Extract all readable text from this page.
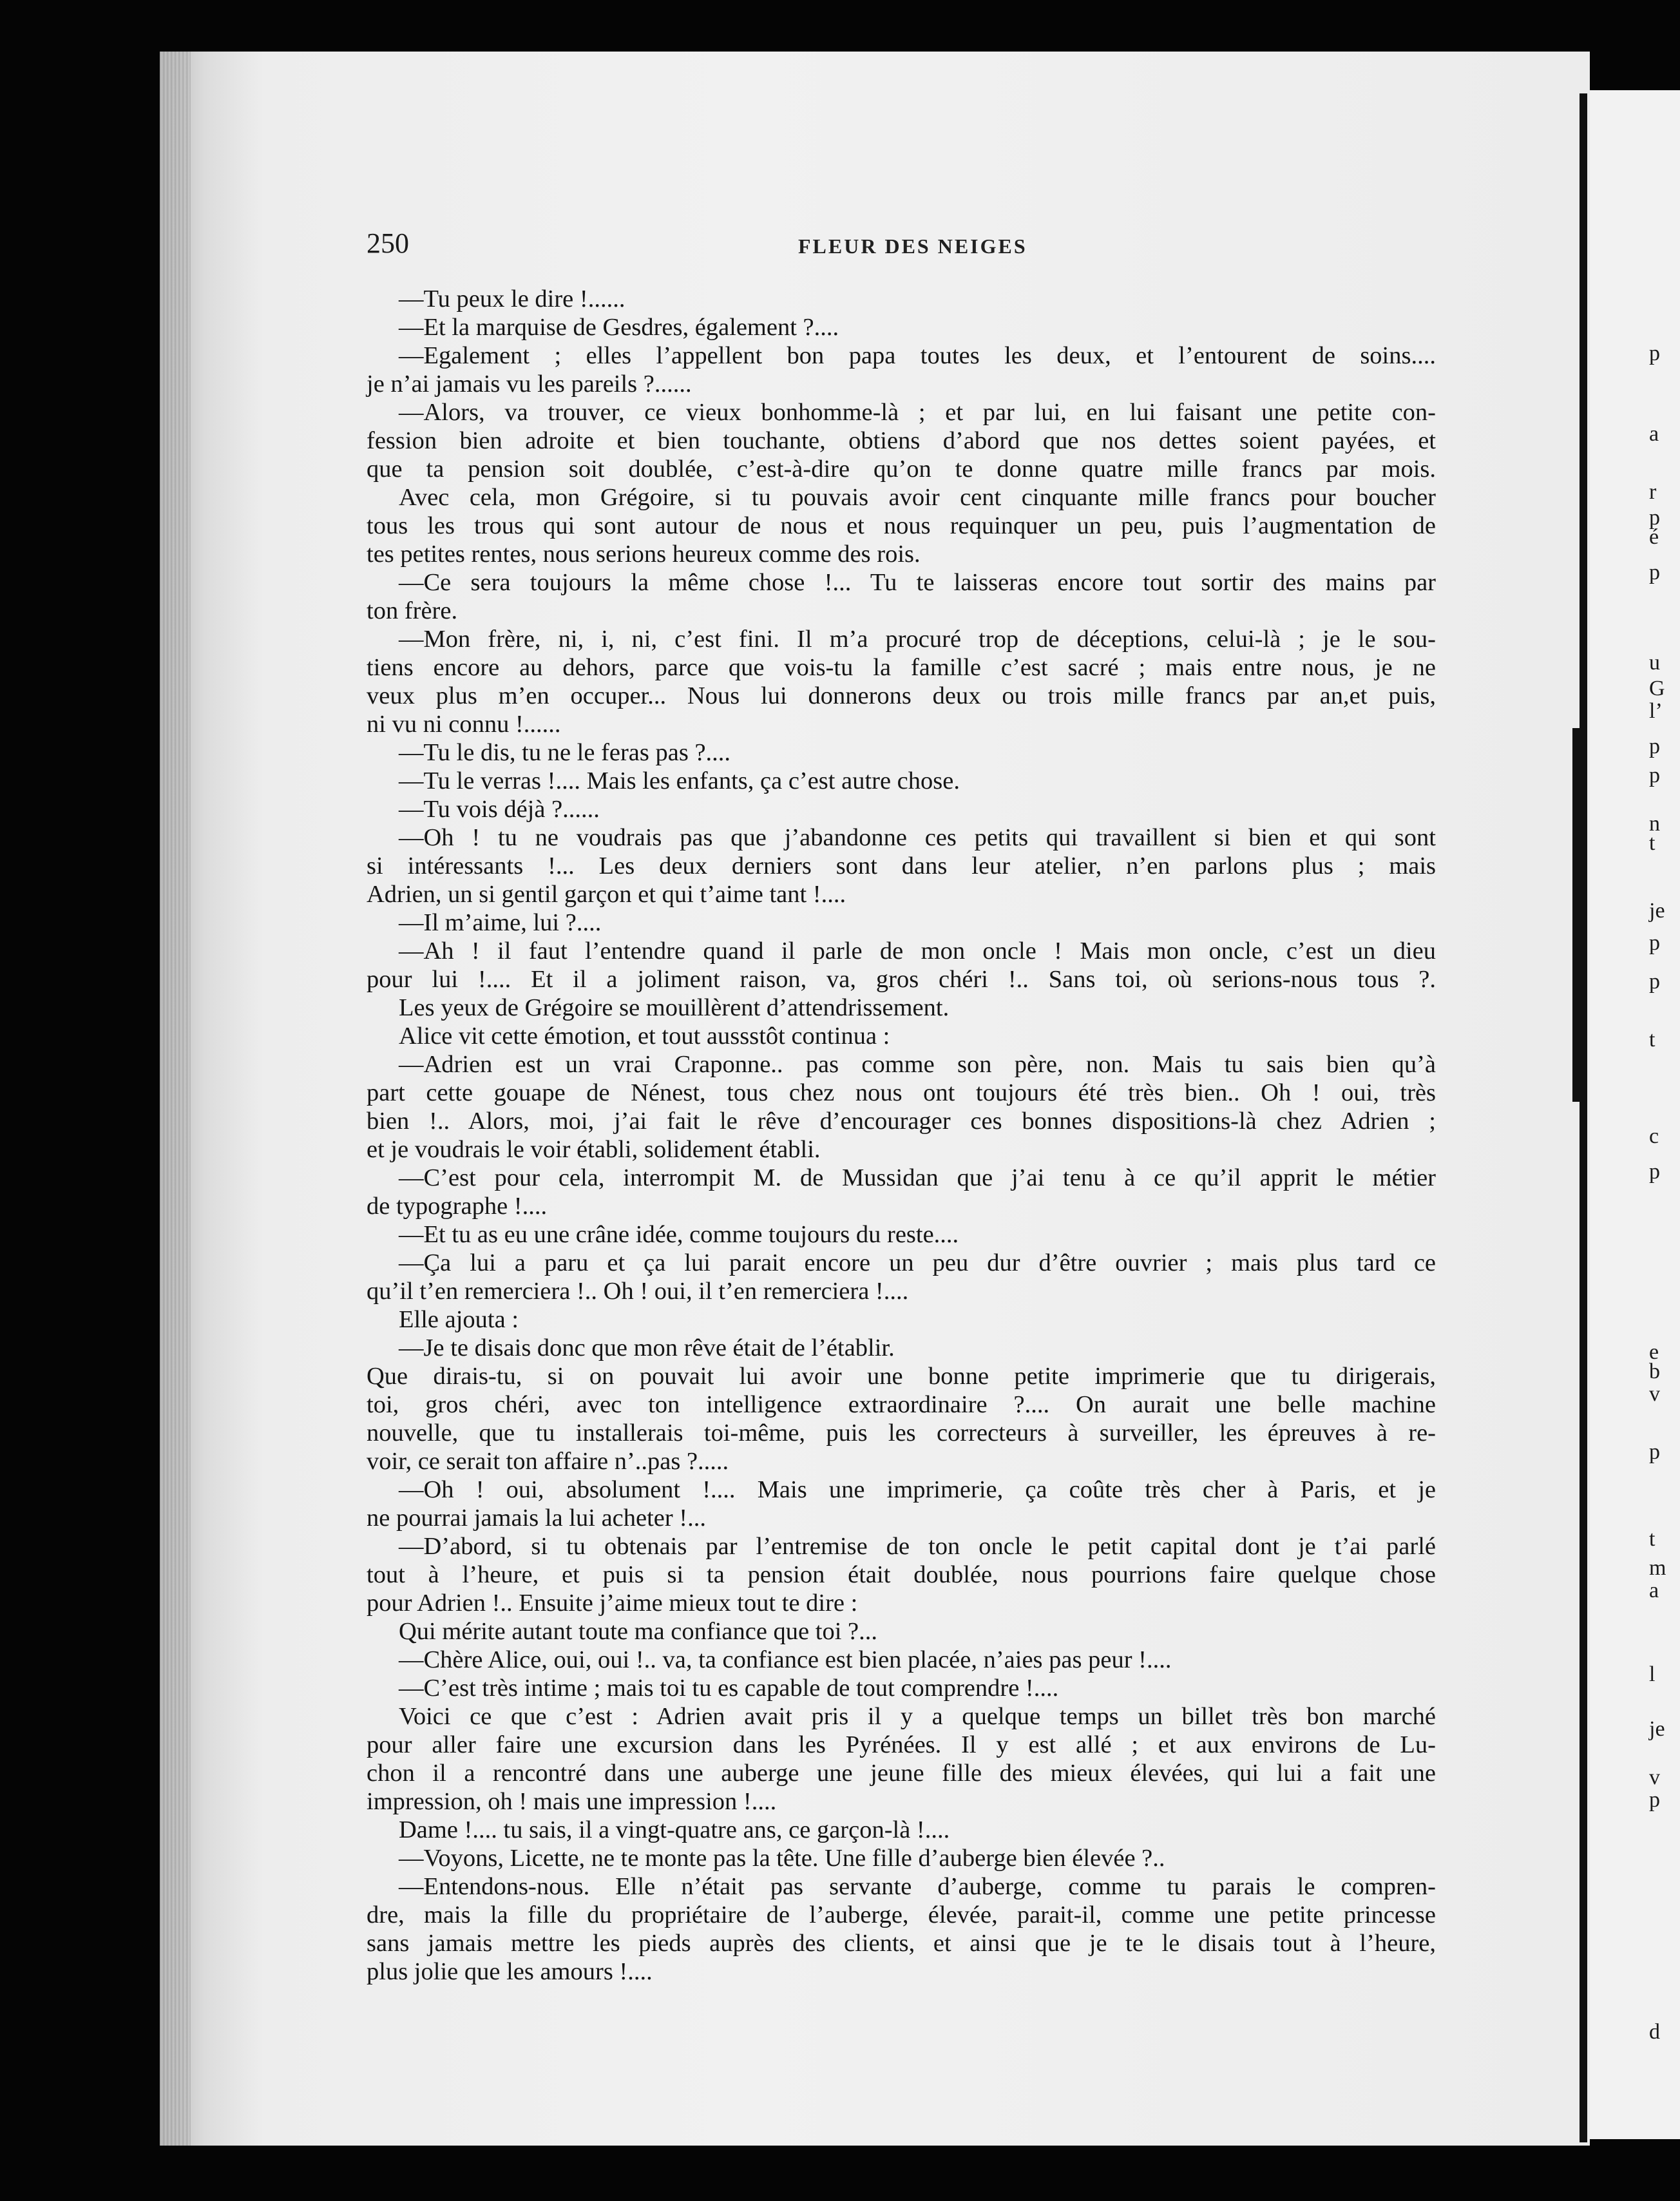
250	FLEUR DES NEIGES
—Tu peux le dire !......
—Et la marquise de Gesdres, également ?....
—Egalement ; elles l’appellent bon papa toutes les deux, et l’entourent de soins....
je n’ai jamais vu les pareils ?......
—Alors, va trouver, ce vieux bonhomme-là ; et par lui, en lui faisant une petite con-
fession bien adroite et bien touchante, obtiens d’abord que nos dettes soient payées, et
que ta pension soit doublée, c’est-à-dire qu’on te donne quatre mille francs par mois.
Avec cela, mon Grégoire, si tu pouvais avoir cent cinquante mille francs pour boucher
tous les trous qui sont autour de nous et nous requinquer un peu, puis l’augmentation de
tes petites rentes, nous serions heureux comme des rois.
—Ce sera toujours la même chose !... Tu te laisseras encore tout sortir des mains par
ton frère.
—Mon frère, ni, i, ni, c’est fini. Il m’a procuré trop de déceptions, celui-là ; je le sou-
tiens encore au dehors, parce que vois-tu la famille c’est sacré ; mais entre nous, je ne
veux plus m’en occuper... Nous lui donnerons deux ou trois mille francs par an,et puis,
ni vu ni connu !......
—Tu le dis, tu ne le feras pas ?....
—Tu le verras !.... Mais les enfants, ça c’est autre chose.
—Tu vois déjà ?......
—Oh ! tu ne voudrais pas que j’abandonne ces petits qui travaillent si bien et qui sont
si intéressants !... Les deux derniers sont dans leur atelier, n’en parlons plus ; mais
Adrien, un si gentil garçon et qui t’aime tant !....
—Il m’aime, lui ?....
—Ah ! il faut l’entendre quand il parle de mon oncle ! Mais mon oncle, c’est un dieu
pour lui !.... Et il a joliment raison, va, gros chéri !.. Sans toi, où serions-nous tous ?.
Les yeux de Grégoire se mouillèrent d’attendrissement.
Alice vit cette émotion, et tout aussstôt continua :
—Adrien est un vrai Craponne.. pas comme son père, non. Mais tu sais bien qu’à
part cette gouape de Nénest, tous chez nous ont toujours été très bien.. Oh ! oui, très
bien !.. Alors, moi, j’ai fait le rêve d’encourager ces bonnes dispositions-là chez Adrien ;
et je voudrais le voir établi, solidement établi.
—C’est pour cela, interrompit M. de Mussidan que j’ai tenu à ce qu’il apprit le métier
de typographe !....
—Et tu as eu une crâne idée, comme toujours du reste....
—Ça lui a paru et ça lui parait encore un peu dur d’être ouvrier ; mais plus tard ce
qu’il t’en remerciera !.. Oh ! oui, il t’en remerciera !....
Elle ajouta :
—Je te disais donc que mon rêve était de l’établir.
Que dirais-tu, si on pouvait lui avoir une bonne petite imprimerie que tu dirigerais,
toi, gros chéri, avec ton intelligence extraordinaire ?.... On aurait une belle machine
nouvelle, que tu installerais toi-même, puis les correcteurs à surveiller, les épreuves à re-
voir, ce serait ton affaire n’..pas ?.....
—Oh ! oui, absolument !.... Mais une imprimerie, ça coûte très cher à Paris, et je
ne pourrai jamais la lui acheter !...
—D’abord, si tu obtenais par l’entremise de ton oncle le petit capital dont je t’ai parlé
tout à l’heure, et puis si ta pension était doublée, nous pourrions faire quelque chose
pour Adrien !.. Ensuite j’aime mieux tout te dire :
Qui mérite autant toute ma confiance que toi ?...
—Chère Alice, oui, oui !.. va, ta confiance est bien placée, n’aies pas peur !....
—C’est très intime ; mais toi tu es capable de tout comprendre !....
Voici ce que c’est : Adrien avait pris il y a quelque temps un billet très bon marché
pour aller faire une excursion dans les Pyrénées. Il y est allé ; et aux environs de Lu-
chon il a rencontré dans une auberge une jeune fille des mieux élevées, qui lui a fait une
impression, oh ! mais une impression !....
Dame !.... tu sais, il a vingt-quatre ans, ce garçon-là !....
—Voyons, Licette, ne te monte pas la tête. Une fille d’auberge bien élevée ?..
—Entendons-nous. Elle n’était pas servante d’auberge, comme tu parais le compren-
dre, mais la fille du propriétaire de l’auberge, élevée, parait-il, comme une petite princesse
sans jamais mettre les pieds auprès des clients, et ainsi que je te le disais tout à l’heure,
plus jolie que les amours !....
p
a
r
p
é
p
u
G
l’
p
p
n
t
je
p
p
t
c
p
e
b
v
p
t
m
a
l
je
v
p
d
